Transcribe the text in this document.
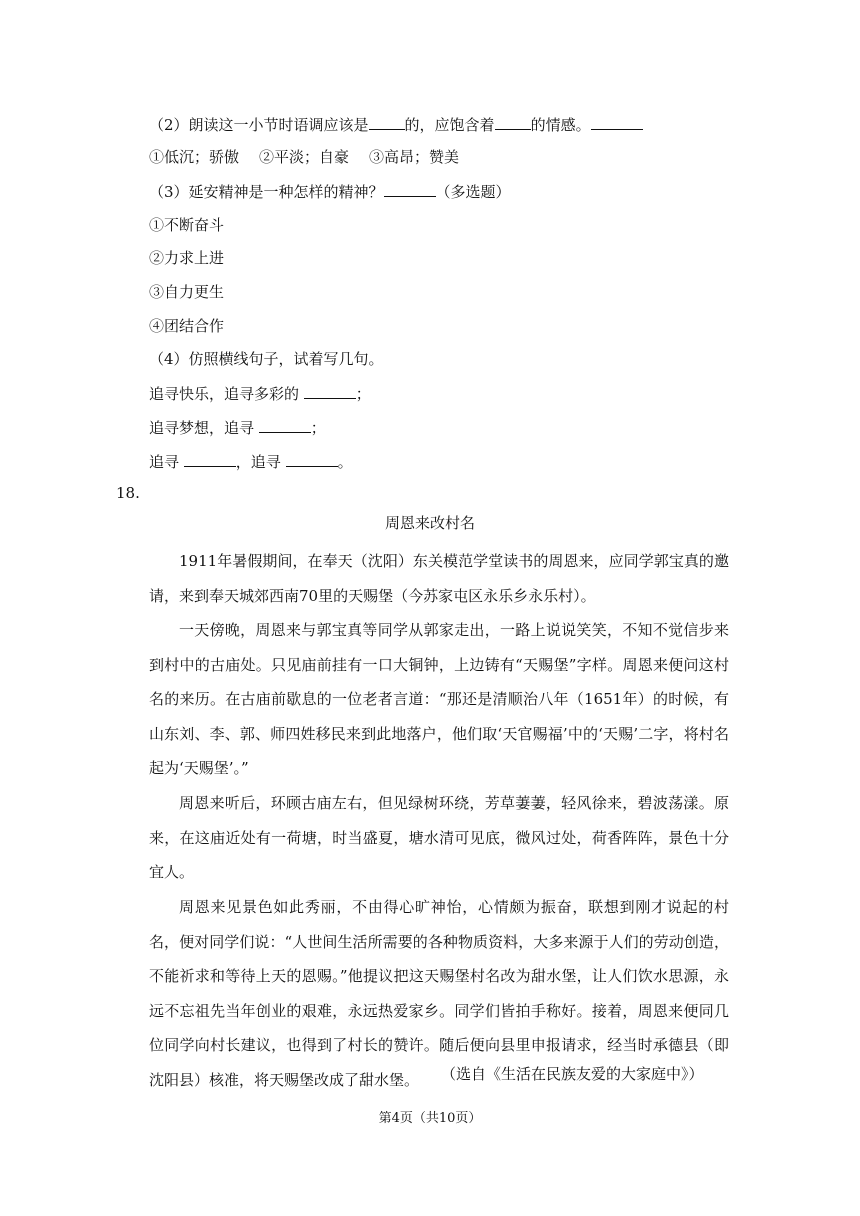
（2）朗读这一小节时语调应该是 的，应饱含着 的情感。
①低沉；骄傲 ②平淡；自豪 ③高昂；赞美
（3）延安精神是一种怎样的精神？	（多选题）
①不断奋斗
②力求上进
③自力更生
④团结合作
（4）仿照横线句子，试着写几句。
追寻快乐，追寻多彩的	；
追寻梦想，追寻	；
追寻	，追寻	。
18.
周恩来改村名
1911年暑假期间，在奉天（沈阳）东关模范学堂读书的周恩来，应同学郭宝真的邀请，来到奉天城郊西南70里的天赐堡（今苏家屯区永乐乡永乐村）。
一天傍晚，周恩来与郭宝真等同学从郭家走出，一路上说说笑笑，不知不觉信步来到村中的古庙处。只见庙前挂有一口大铜钟，上边铸有“天赐堡”字样。周恩来便问这村名的来历。在古庙前歇息的一位老者言道：“那还是清顺治八年（1651年）的时候，有山东刘、李、郭、师四姓移民来到此地落户，他们取‘天官赐福’中的‘天赐’二字，将村名起为‘天赐堡’。”
周恩来听后，环顾古庙左右，但见绿树环绕，芳草萋萋，轻风徐来，碧波荡漾。原来，在这庙近处有一荷塘，时当盛夏，塘水清可见底，微风过处，荷香阵阵，景色十分宜人。
周恩来见景色如此秀丽，不由得心旷神怡，心情颇为振奋，联想到刚才说起的村名，便对同学们说：“人世间生活所需要的各种物质资料，大多来源于人们的劳动创造，不能祈求和等待上天的恩赐。”他提议把这天赐堡村名改为甜水堡，让人们饮水思源，永远不忘祖先当年创业的艰难，永远热爱家乡。同学们皆拍手称好。接着，周恩来便同几位同学向村长建议，也得到了村长的赞许。随后便向县里申报请求，经当时承德县（即沈阳县）核准，将天赐堡改成了甜水堡。	（选自《生活在民族友爱的大家庭中》）
第4页（共10页）
